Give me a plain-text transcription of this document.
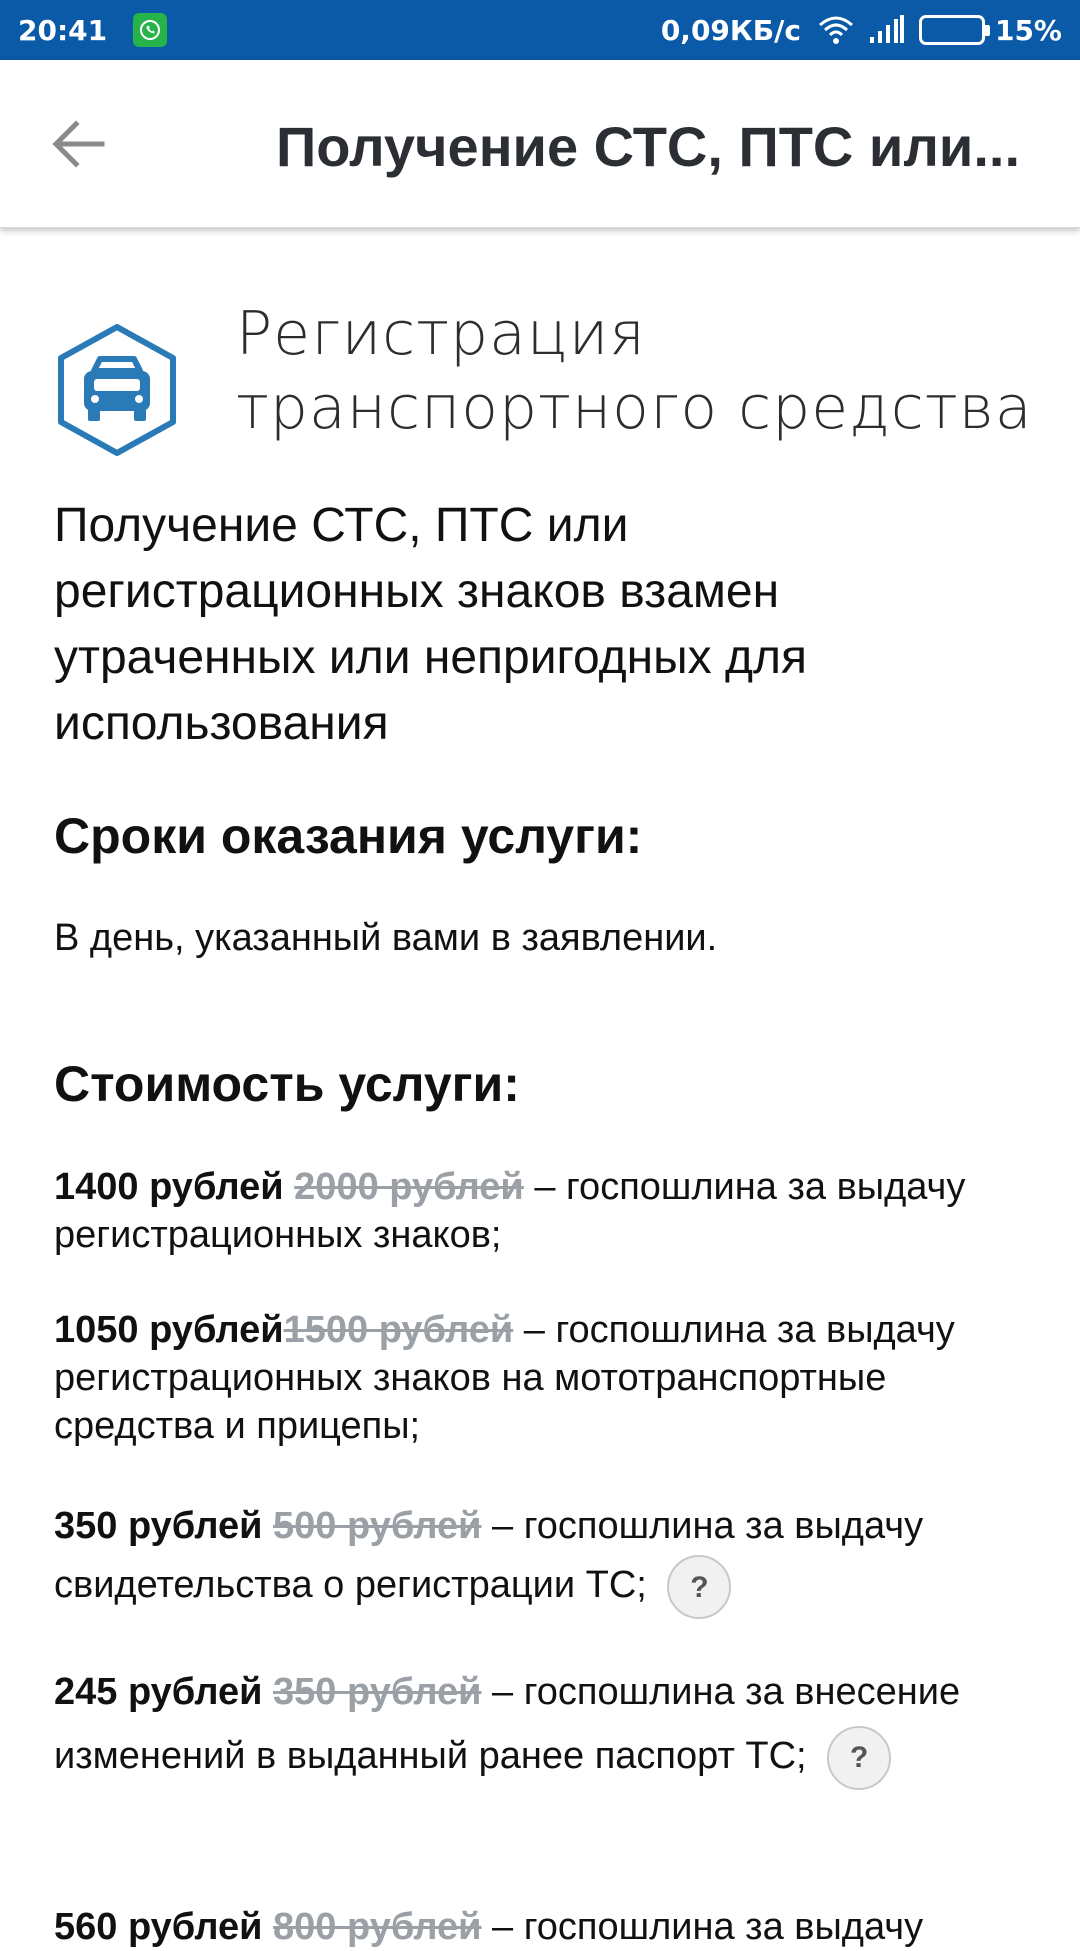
20:41	0,09КБ/с	15%
Получение СТС, ПТС или...
Регистрация транспортного средства
Получение СТС, ПТС или регистрационных знаков взамен утраченных или непригодных для использования
Сроки оказания услуги:
В день, указанный вами в заявлении.
Стоимость услуги:
1400 рублей 2000 рублей – госпошлина за выдачу регистрационных знаков;
1050 рублей1500 рублей – госпошлина за выдачу регистрационных знаков на мототранспортные средства и прицепы;
350 рублей 500 рублей – госпошлина за выдачу свидетельства о регистрации ТС; ?
245 рублей 350 рублей – госпошлина за внесение изменений в выданный ранее паспорт ТС; ?
560 рублей 800 рублей – госпошлина за выдачу
